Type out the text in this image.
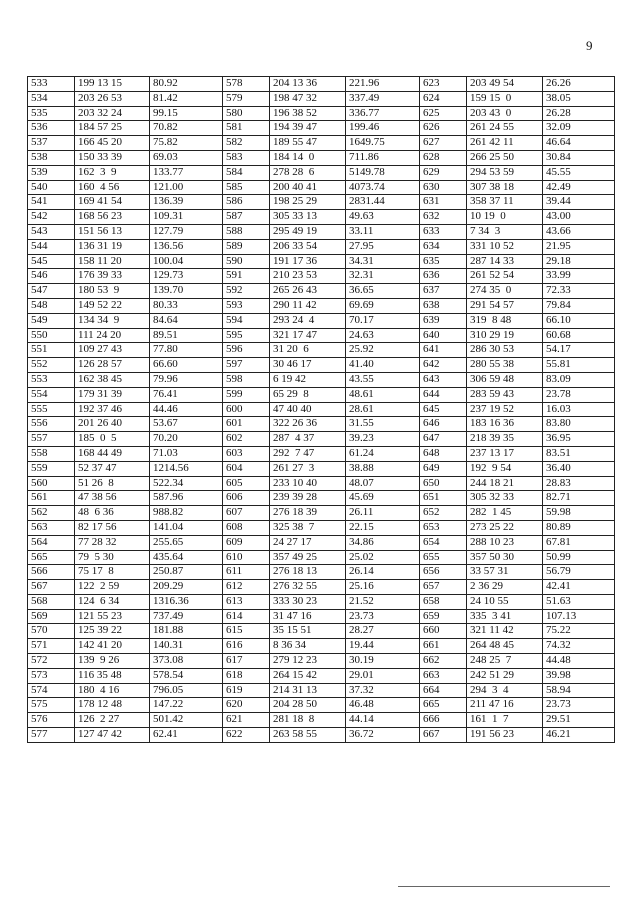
9
533	199 13 15	80.92	578	204 13 36	221.96	623	203 49 54	26.26
534	203 26 53	81.42	579	198 47 32	337.49	624	159 15  0	38.05
535	203 32 24	99.15	580	196 38 52	336.77	625	203 43  0	26.28
536	184 57 25	70.82	581	194 39 47	199.46	626	261 24 55	32.09
537	166 45 20	75.82	582	189 55 47	1649.75	627	261 42 11	46.64
538	150 33 39	69.03	583	184 14  0	711.86	628	266 25 50	30.84
539	162  3  9	133.77	584	278 28  6	5149.78	629	294 53 59	45.55
540	160  4 56	121.00	585	200 40 41	4073.74	630	307 38 18	42.49
541	169 41 54	136.39	586	198 25 29	2831.44	631	358 37 11	39.44
542	168 56 23	109.31	587	305 33 13	49.63	632	10 19  0	43.00
543	151 56 13	127.79	588	295 49 19	33.11	633	7 34  3	43.66
544	136 31 19	136.56	589	206 33 54	27.95	634	331 10 52	21.95
545	158 11 20	100.04	590	191 17 36	34.31	635	287 14 33	29.18
546	176 39 33	129.73	591	210 23 53	32.31	636	261 52 54	33.99
547	180 53  9	139.70	592	265 26 43	36.65	637	274 35  0	72.33
548	149 52 22	80.33	593	290 11 42	69.69	638	291 54 57	79.84
549	134 34  9	84.64	594	293 24  4	70.17	639	319  8 48	66.10
550	111 24 20	89.51	595	321 17 47	24.63	640	310 29 19	60.68
551	109 27 43	77.80	596	31 20  6	25.92	641	286 30 53	54.17
552	126 28 57	66.60	597	30 46 17	41.40	642	280 55 38	55.81
553	162 38 45	79.96	598	6 19 42	43.55	643	306 59 48	83.09
554	179 31 39	76.41	599	65 29  8	48.61	644	283 59 43	23.78
555	192 37 46	44.46	600	47 40 40	28.61	645	237 19 52	16.03
556	201 26 40	53.67	601	322 26 36	31.55	646	183 16 36	83.80
557	185  0  5	70.20	602	287  4 37	39.23	647	218 39 35	36.95
558	168 44 49	71.03	603	292  7 47	61.24	648	237 13 17	83.51
559	52 37 47	1214.56	604	261 27  3	38.88	649	192  9 54	36.40
560	51 26  8	522.34	605	233 10 40	48.07	650	244 18 21	28.83
561	47 38 56	587.96	606	239 39 28	45.69	651	305 32 33	82.71
562	48  6 36	988.82	607	276 18 39	26.11	652	282  1 45	59.98
563	82 17 56	141.04	608	325 38  7	22.15	653	273 25 22	80.89
564	77 28 32	255.65	609	24 27 17	34.86	654	288 10 23	67.81
565	79  5 30	435.64	610	357 49 25	25.02	655	357 50 30	50.99
566	75 17  8	250.87	611	276 18 13	26.14	656	33 57 31	56.79
567	122  2 59	209.29	612	276 32 55	25.16	657	2 36 29	42.41
568	124  6 34	1316.36	613	333 30 23	21.52	658	24 10 55	51.63
569	121 55 23	737.49	614	31 47 16	23.73	659	335  3 41	107.13
570	125 39 22	181.88	615	35 15 51	28.27	660	321 11 42	75.22
571	142 41 20	140.31	616	8 36 34	19.44	661	264 48 45	74.32
572	139  9 26	373.08	617	279 12 23	30.19	662	248 25  7	44.48
573	116 35 48	578.54	618	264 15 42	29.01	663	242 51 29	39.98
574	180  4 16	796.05	619	214 31 13	37.32	664	294  3  4	58.94
575	178 12 48	147.22	620	204 28 50	46.48	665	211 47 16	23.73
576	126  2 27	501.42	621	281 18  8	44.14	666	161  1  7	29.51
577	127 47 42	62.41	622	263 58 55	36.72	667	191 56 23	46.21
